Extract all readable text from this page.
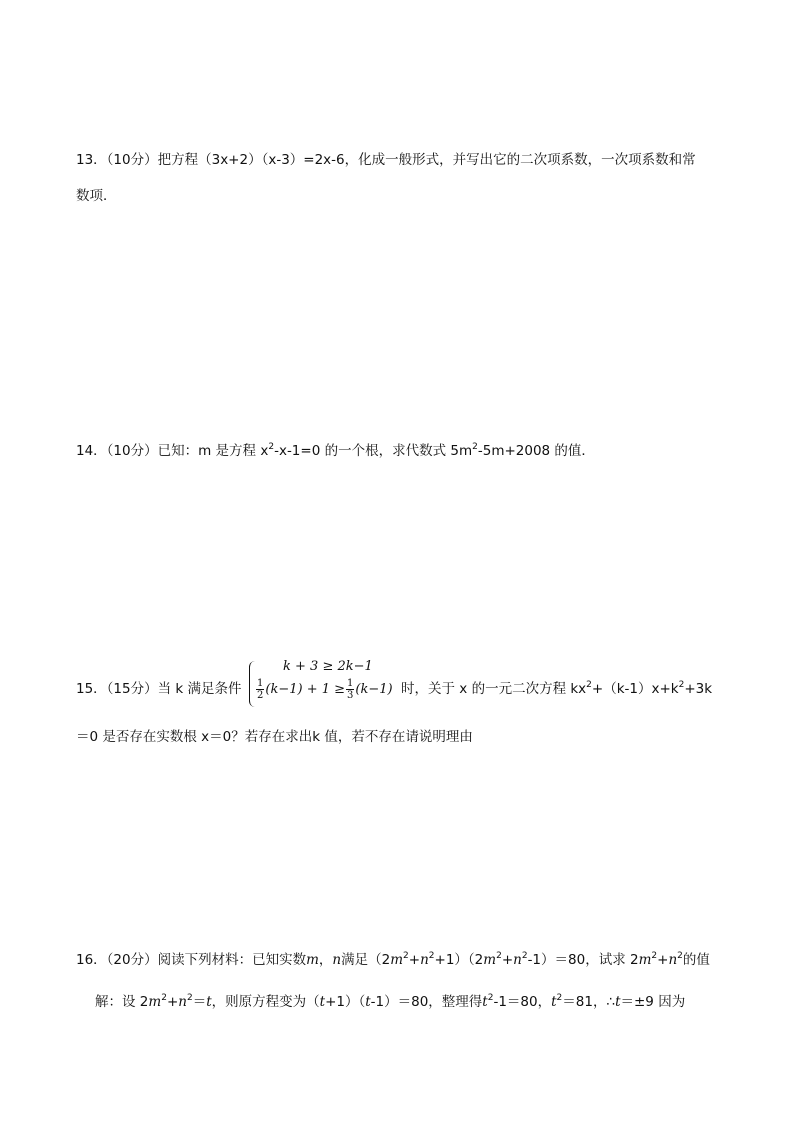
13．（10分）把方程（3x+2）（x-3）=2x-6，化成一般形式，并写出它的二次项系数，一次项系数和常
数项．
14．（10分）已知：m 是方程 $x^2-x-1=0$ 的一个根，求代数式 $5m^2-5m+2008$ 的值．
15．（15分）当 k 满足条件
k + 3 ≥ 2k−1
$\frac{1}{2} (k-1) + 1 \ge \frac{1}{3} (k-1)$ 时，关于 x 的一元二次方程 $kx^2+(k-1)x+k^2+3k$
＝0 是否存在实数根 x＝0？若存在求出k 值，若不存在请说明理由
16．（20分）阅读下列材料：已知实数m，n满足$(2m^2+n^2+1)(2m^2+n^2-1)=80$，试求 $2m^2+n^2$的值
解：设 $2m^2+n^2=t$，则原方程变为（t+1）（t-1）＝80，整理得$t^2-1=80$，$t^2=81$，∴t＝±9 因为
